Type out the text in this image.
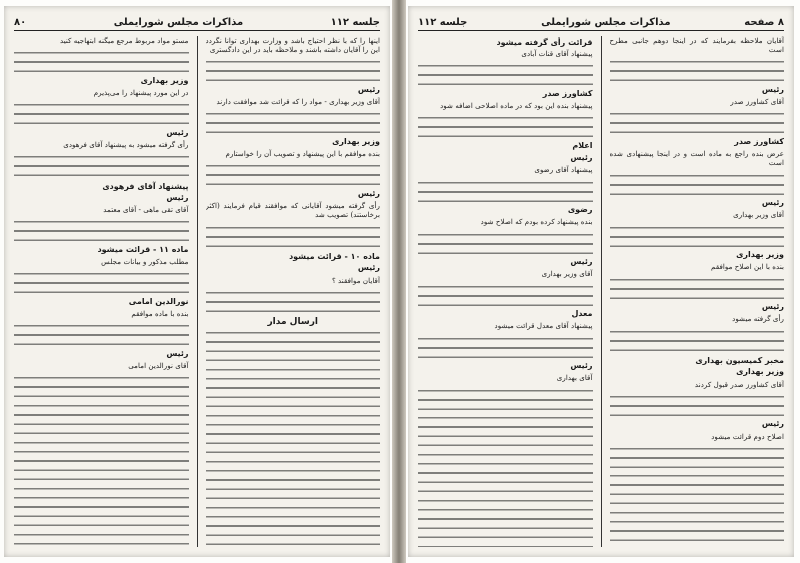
جلسه ۱۱۲
مذاکرات مجلس شورایملی
۸۰
اینها را که با نظر احتیاج باشد و وزارت بهداری توانا نگردد این را آقایان داشته باشند و ملاحظه باید در این دادگستری
رئیس
آقای وزیر بهداری - مواد را که قرائت شد موافقت دارند
وزیر بهداری
بنده موافقم با این پیشنهاد و تصویب آن را خواستارم
رئیس
رأی گرفته میشود آقایانی که موافقند قیام فرمایند (اکثر برخاستند) تصویب شد
ماده ۱۰ - قرائت میشود
رئیس
آقایان موافقند ؟
ارسال مدار
مستو مواد مربوط مرجع میگنه ابتهاجیه کنید
وزیر بهداری
در این مورد پیشنهاد را می‌پذیرم
رئیس
رأی گرفته میشود به پیشنهاد آقای فرهودی
پیشنهاد آقای فرهودی
رئیس
آقای تقی ماهی - آقای معتمد
ماده ۱۱ - قرائت میشود
مطلب مذکور و بیانات مجلس
نورالدین امامی
بنده با ماده موافقم
رئیس
آقای نورالدین امامی
۸ صفحه
مذاکرات مجلس شورایملی
جلسه ۱۱۲
آقایان ملاحظه بفرمایند که در اینجا دوهم جانبی مطرح است
رئیس
آقای کشاورز صدر
کشاورز صدر
عرض بنده راجع به ماده است و در اینجا پیشنهادی شده است
رئیس
آقای وزیر بهداری
وزیر بهداری
بنده با این اصلاح موافقم
رئیس
رأی گرفته میشود
مخبر کمیسیون بهداری
وزیر بهداری
آقای کشاورز صدر قبول کردند
رئیس
اصلاح دوم قرائت میشود
قرائت رأی گرفته میشود
پیشنهاد آقای قنات آبادی
کشاورز صدر
پیشنهاد بنده این بود که در ماده اصلاحی اضافه شود
اعلام
رئیس
پیشنهاد آقای رضوی
رضوی
بنده پیشنهاد کرده بودم که اصلاح شود
رئیس
آقای وزیر بهداری
معدل
پیشنهاد آقای معدل قرائت میشود
رئیس
آقای بهداری
